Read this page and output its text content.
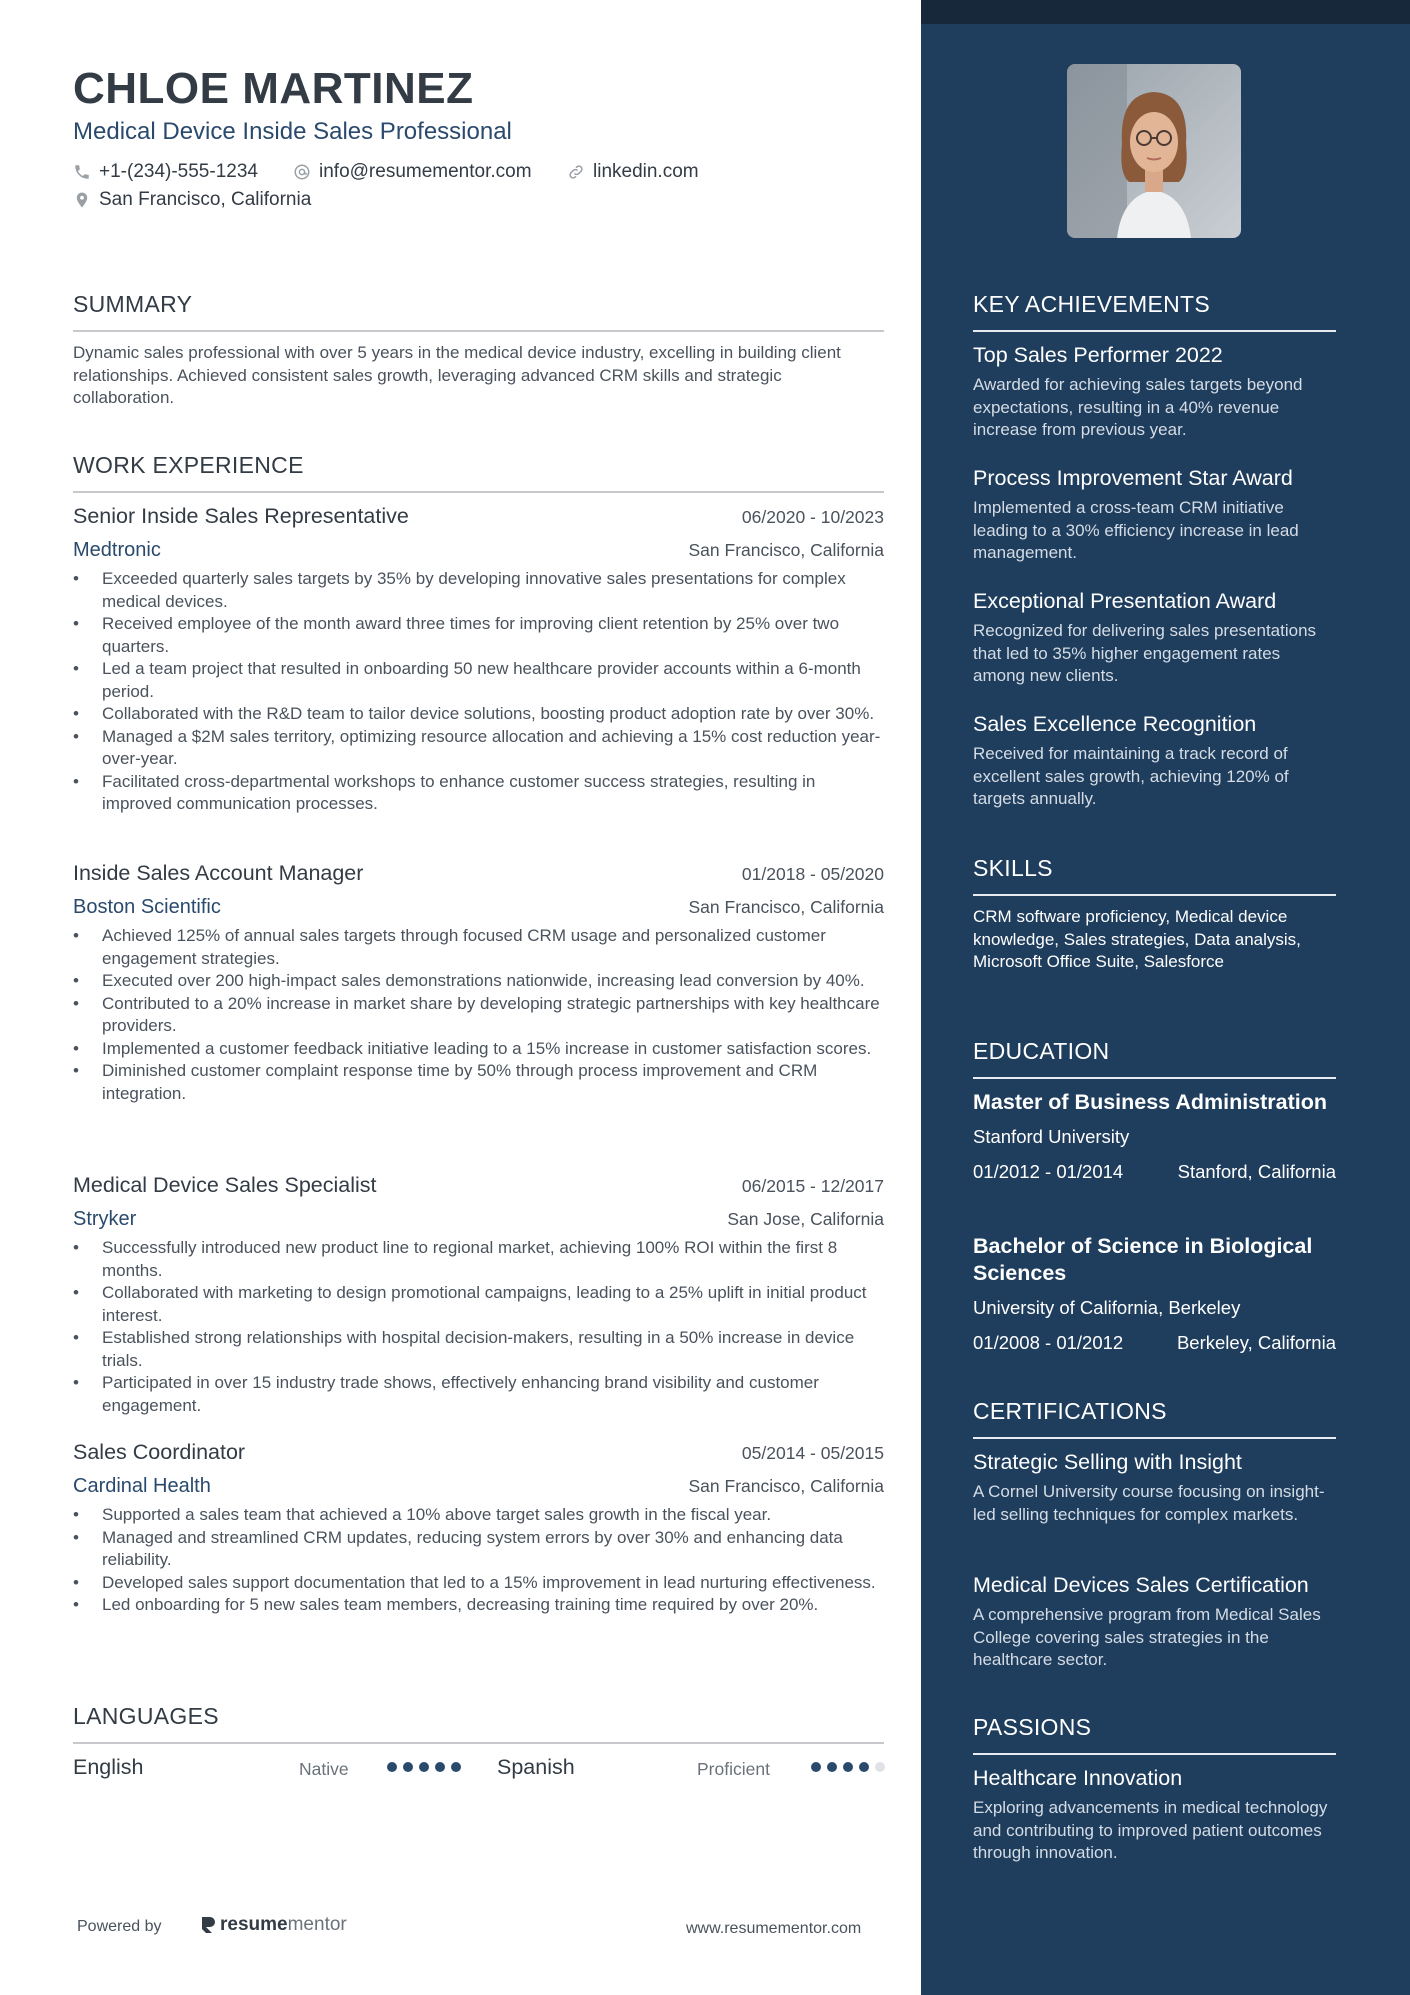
CHLOE MARTINEZ
Medical Device Inside Sales Professional
+1-(234)-555-1234	info@resumementor.com	linkedin.com
San Francisco, California
SUMMARY
Dynamic sales professional with over 5 years in the medical device industry, excelling in building client relationships. Achieved consistent sales growth, leveraging advanced CRM skills and strategic collaboration.
WORK EXPERIENCE
Senior Inside Sales Representative	06/2020 - 10/2023
Medtronic	San Francisco, California
• Exceeded quarterly sales targets by 35% by developing innovative sales presentations for complex medical devices.
• Received employee of the month award three times for improving client retention by 25% over two quarters.
• Led a team project that resulted in onboarding 50 new healthcare provider accounts within a 6-month period.
• Collaborated with the R&D team to tailor device solutions, boosting product adoption rate by over 30%.
• Managed a $2M sales territory, optimizing resource allocation and achieving a 15% cost reduction year-over-year.
• Facilitated cross-departmental workshops to enhance customer success strategies, resulting in improved communication processes.
Inside Sales Account Manager	01/2018 - 05/2020
Boston Scientific	San Francisco, California
• Achieved 125% of annual sales targets through focused CRM usage and personalized customer engagement strategies.
• Executed over 200 high-impact sales demonstrations nationwide, increasing lead conversion by 40%.
• Contributed to a 20% increase in market share by developing strategic partnerships with key healthcare providers.
• Implemented a customer feedback initiative leading to a 15% increase in customer satisfaction scores.
• Diminished customer complaint response time by 50% through process improvement and CRM integration.
Medical Device Sales Specialist	06/2015 - 12/2017
Stryker	San Jose, California
• Successfully introduced new product line to regional market, achieving 100% ROI within the first 8 months.
• Collaborated with marketing to design promotional campaigns, leading to a 25% uplift in initial product interest.
• Established strong relationships with hospital decision-makers, resulting in a 50% increase in device trials.
• Participated in over 15 industry trade shows, effectively enhancing brand visibility and customer engagement.
Sales Coordinator	05/2014 - 05/2015
Cardinal Health	San Francisco, California
• Supported a sales team that achieved a 10% above target sales growth in the fiscal year.
• Managed and streamlined CRM updates, reducing system errors by over 30% and enhancing data reliability.
• Developed sales support documentation that led to a 15% improvement in lead nurturing effectiveness.
• Led onboarding for 5 new sales team members, decreasing training time required by over 20%.
LANGUAGES
English	Native	Spanish	Proficient
Powered by	resume mentor	www.resumementor.com
KEY ACHIEVEMENTS
Top Sales Performer 2022
Awarded for achieving sales targets beyond expectations, resulting in a 40% revenue increase from previous year.
Process Improvement Star Award
Implemented a cross-team CRM initiative leading to a 30% efficiency increase in lead management.
Exceptional Presentation Award
Recognized for delivering sales presentations that led to 35% higher engagement rates among new clients.
Sales Excellence Recognition
Received for maintaining a track record of excellent sales growth, achieving 120% of targets annually.
SKILLS
CRM software proficiency, Medical device knowledge, Sales strategies, Data analysis, Microsoft Office Suite, Salesforce
EDUCATION
Master of Business Administration
Stanford University
01/2012 - 01/2014	Stanford, California
Bachelor of Science in Biological Sciences
University of California, Berkeley
01/2008 - 01/2012	Berkeley, California
CERTIFICATIONS
Strategic Selling with Insight
A Cornel University course focusing on insight-led selling techniques for complex markets.
Medical Devices Sales Certification
A comprehensive program from Medical Sales College covering sales strategies in the healthcare sector.
PASSIONS
Healthcare Innovation
Exploring advancements in medical technology and contributing to improved patient outcomes through innovation.
